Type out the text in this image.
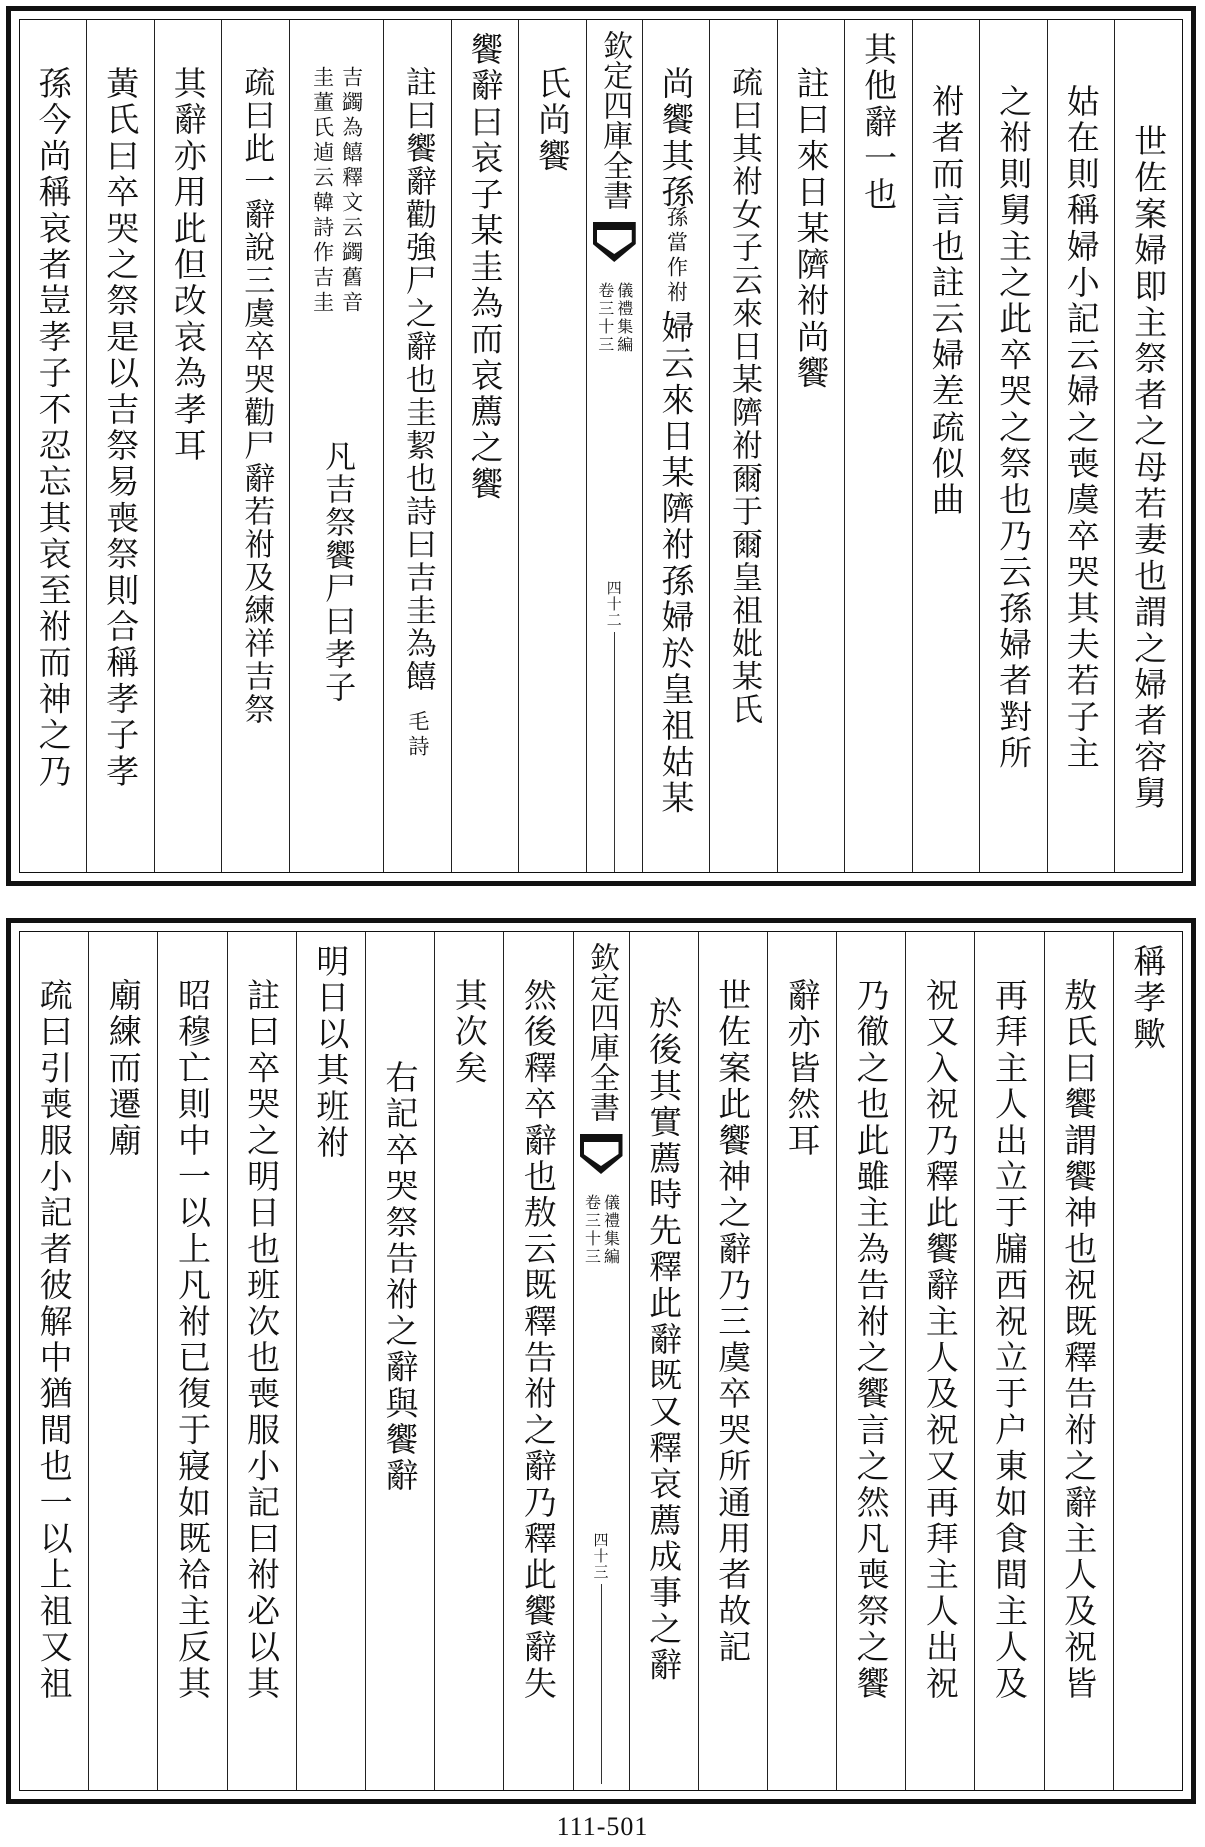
世佐案婦即主祭者之母若妻也謂之婦者容舅
姑在則稱婦小記云婦之喪虞卒哭其夫若子主
之祔則舅主之此卒哭之祭也乃云孫婦者對所
祔者而言也註云婦差疏似曲
其他辭一也
註曰來日某隮祔尚饗
疏曰其祔女子云來日某隮祔爾于爾皇祖妣某氏
尚饗其孫
孫當作祔
婦云來日某隮祔孫婦於皇祖姑某
欽定四庫全書
儀禮集編
卷三十三
四十二
氏尚饗
饗辭曰哀子某圭為而哀薦之饗
註曰饗辭勸強尸之辭也圭絜也詩曰吉圭為饎
毛詩
吉蠲為饎釋文云蠲舊音
圭董氏逌云韓詩作吉圭
凡吉祭饗尸曰孝子
疏曰此一辭說三虞卒哭勸尸辭若祔及練祥吉祭
其辭亦用此但改哀為孝耳
黃氏曰卒哭之祭是以吉祭易喪祭則合稱孝子孝
孫今尚稱哀者豈孝子不忍忘其哀至祔而神之乃
稱孝歟
敖氏曰饗謂饗神也祝既釋告祔之辭主人及祝皆
再拜主人出立于牖西祝立于户東如食間主人及
祝又入祝乃釋此饗辭主人及祝又再拜主人出祝
乃徹之也此雖主為告祔之饗言之然凡喪祭之饗
辭亦皆然耳
世佐案此饗神之辭乃三虞卒哭所通用者故記
於後其實薦時先釋此辭既又釋哀薦成事之辭
欽定四庫全書
儀禮集編
卷三十三
四十三
然後釋卒辭也敖云既釋告祔之辭乃釋此饗辭失
其次矣
右記卒哭祭告祔之辭與饗辭
明日以其班祔
註曰卒哭之明日也班次也喪服小記曰祔必以其
昭穆亡則中一以上凡祔已復于寢如既祫主反其
廟練而遷廟
疏曰引喪服小記者彼解中猶間也一以上祖又祖
111-501
